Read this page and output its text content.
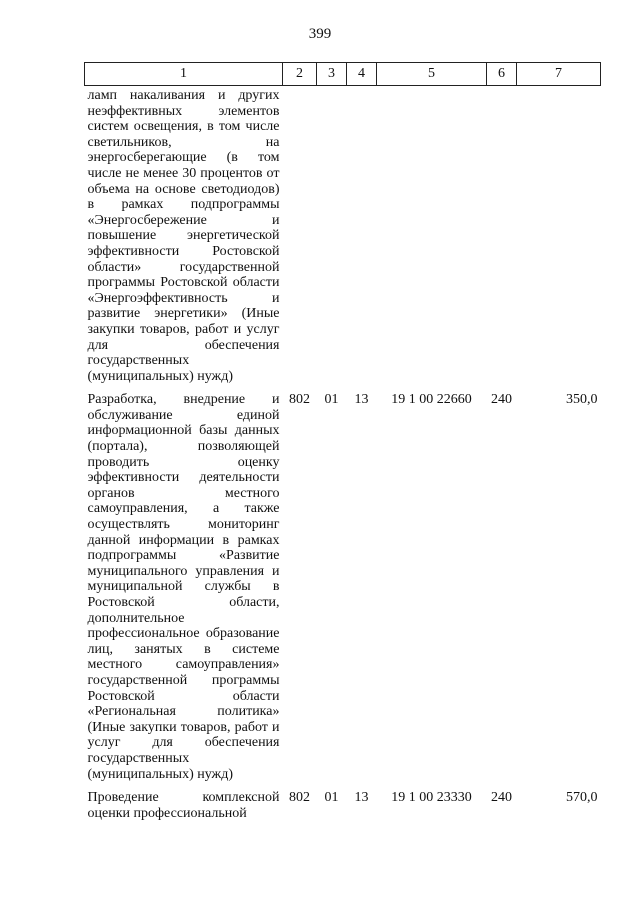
399
1	2	3	4	5	6	7
ламп накаливания и других неэффективных элементов систем освещения, в том числе светильников, на энергосберегающие (в том числе не менее 30 процентов от объема на основе светодиодов) в рамках подпрограммы «Энергосбережение и повышение энергетической эффективности Ростовской области» государственной программы Ростовской области «Энергоэффективность и развитие энергетики» (Иные закупки товаров, работ и услуг для обеспечения государственных (муниципальных) нужд)						
Разработка, внедрение и обслуживание единой информационной базы данных (портала), позволяющей проводить оценку эффективности деятельности органов местного самоуправления, а также осуществлять мониторинг данной информации в рамках подпрограммы «Развитие муниципального управления и муниципальной службы в Ростовской области, дополнительное профессиональное образование лиц, занятых в системе местного самоуправления» государственной программы Ростовской области «Региональная политика» (Иные закупки товаров, работ и услуг для обеспечения государственных (муниципальных) нужд)	802	01	13	19 1 00 22660	240	350,0
Проведение комплексной оценки профессиональной	802	01	13	19 1 00 23330	240	570,0
